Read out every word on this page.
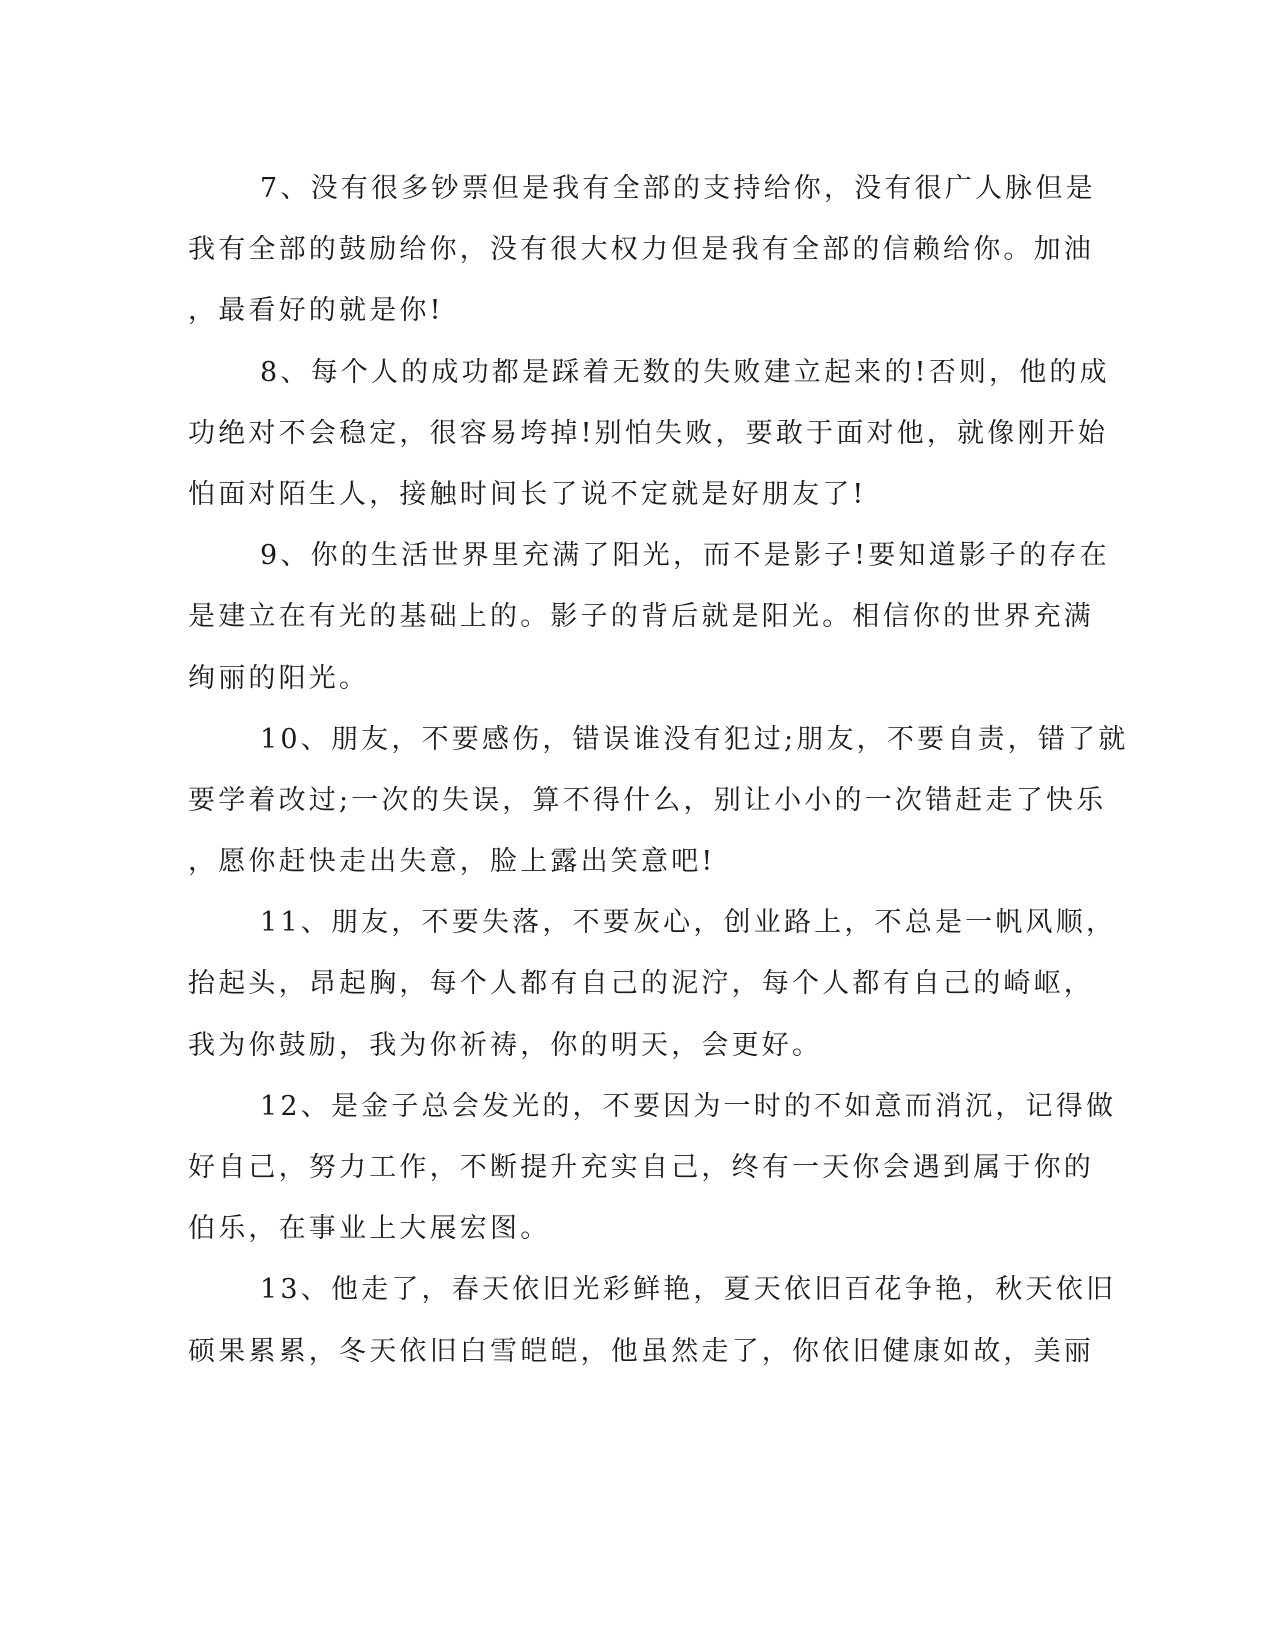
7、没有很多钞票但是我有全部的支持给你，没有很广人脉但是
我有全部的鼓励给你，没有很大权力但是我有全部的信赖给你。加油
，最看好的就是你!
8、每个人的成功都是踩着无数的失败建立起来的!否则，他的成
功绝对不会稳定，很容易垮掉!别怕失败，要敢于面对他，就像刚开始
怕面对陌生人，接触时间长了说不定就是好朋友了!
9、你的生活世界里充满了阳光，而不是影子!要知道影子的存在
是建立在有光的基础上的。影子的背后就是阳光。相信你的世界充满
绚丽的阳光。
10、朋友，不要感伤，错误谁没有犯过;朋友，不要自责，错了就
要学着改过;一次的失误，算不得什么，别让小小的一次错赶走了快乐
，愿你赶快走出失意，脸上露出笑意吧!
11、朋友，不要失落，不要灰心，创业路上，不总是一帆风顺，
抬起头，昂起胸，每个人都有自己的泥泞，每个人都有自己的崎岖，
我为你鼓励，我为你祈祷，你的明天，会更好。
12、是金子总会发光的，不要因为一时的不如意而消沉，记得做
好自己，努力工作，不断提升充实自己，终有一天你会遇到属于你的
伯乐，在事业上大展宏图。
13、他走了，春天依旧光彩鲜艳，夏天依旧百花争艳，秋天依旧
硕果累累，冬天依旧白雪皑皑，他虽然走了，你依旧健康如故，美丽
